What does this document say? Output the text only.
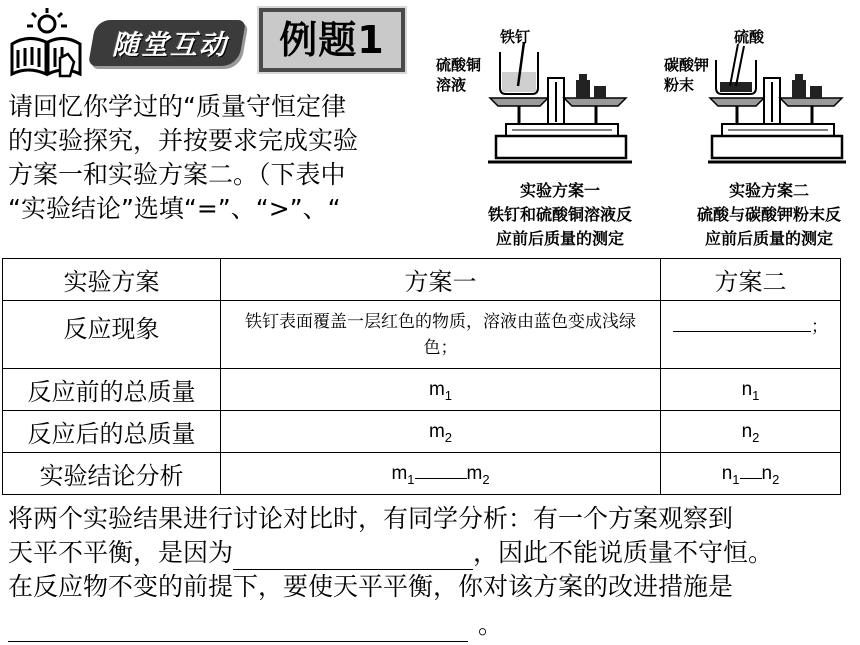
随堂互动	例题1
请回忆你学过的“质量守恒定律
的实验探究，并按要求完成实验
方案一和实验方案二。（下表中
“实验结论”选填“=”、“>”、“
铁钉
硫酸铜
溶液
实验方案一
铁钉和硫酸铜溶液反
应前后质量的测定
硫酸
碳酸钾
粉末
实验方案二
硫酸与碳酸钾粉末反
应前后质量的测定
实验方案	方案一	方案二
反应现象	铁钉表面覆盖一层红色的物质，溶液由蓝色变成浅绿色；	；
反应前的总质量	$m_1$	$n_1$
反应后的总质量	$m_2$	$n_2$
实验结论分析	$m_1$ $m_2$	$n_1$ $n_2$
将两个实验结果进行讨论对比时，有同学分析：有一个方案观察到
天平不平衡，是因为	，因此不能说质量不守恒。
在反应物不变的前提下，要使天平平衡，你对该方案的改进措施是
。
